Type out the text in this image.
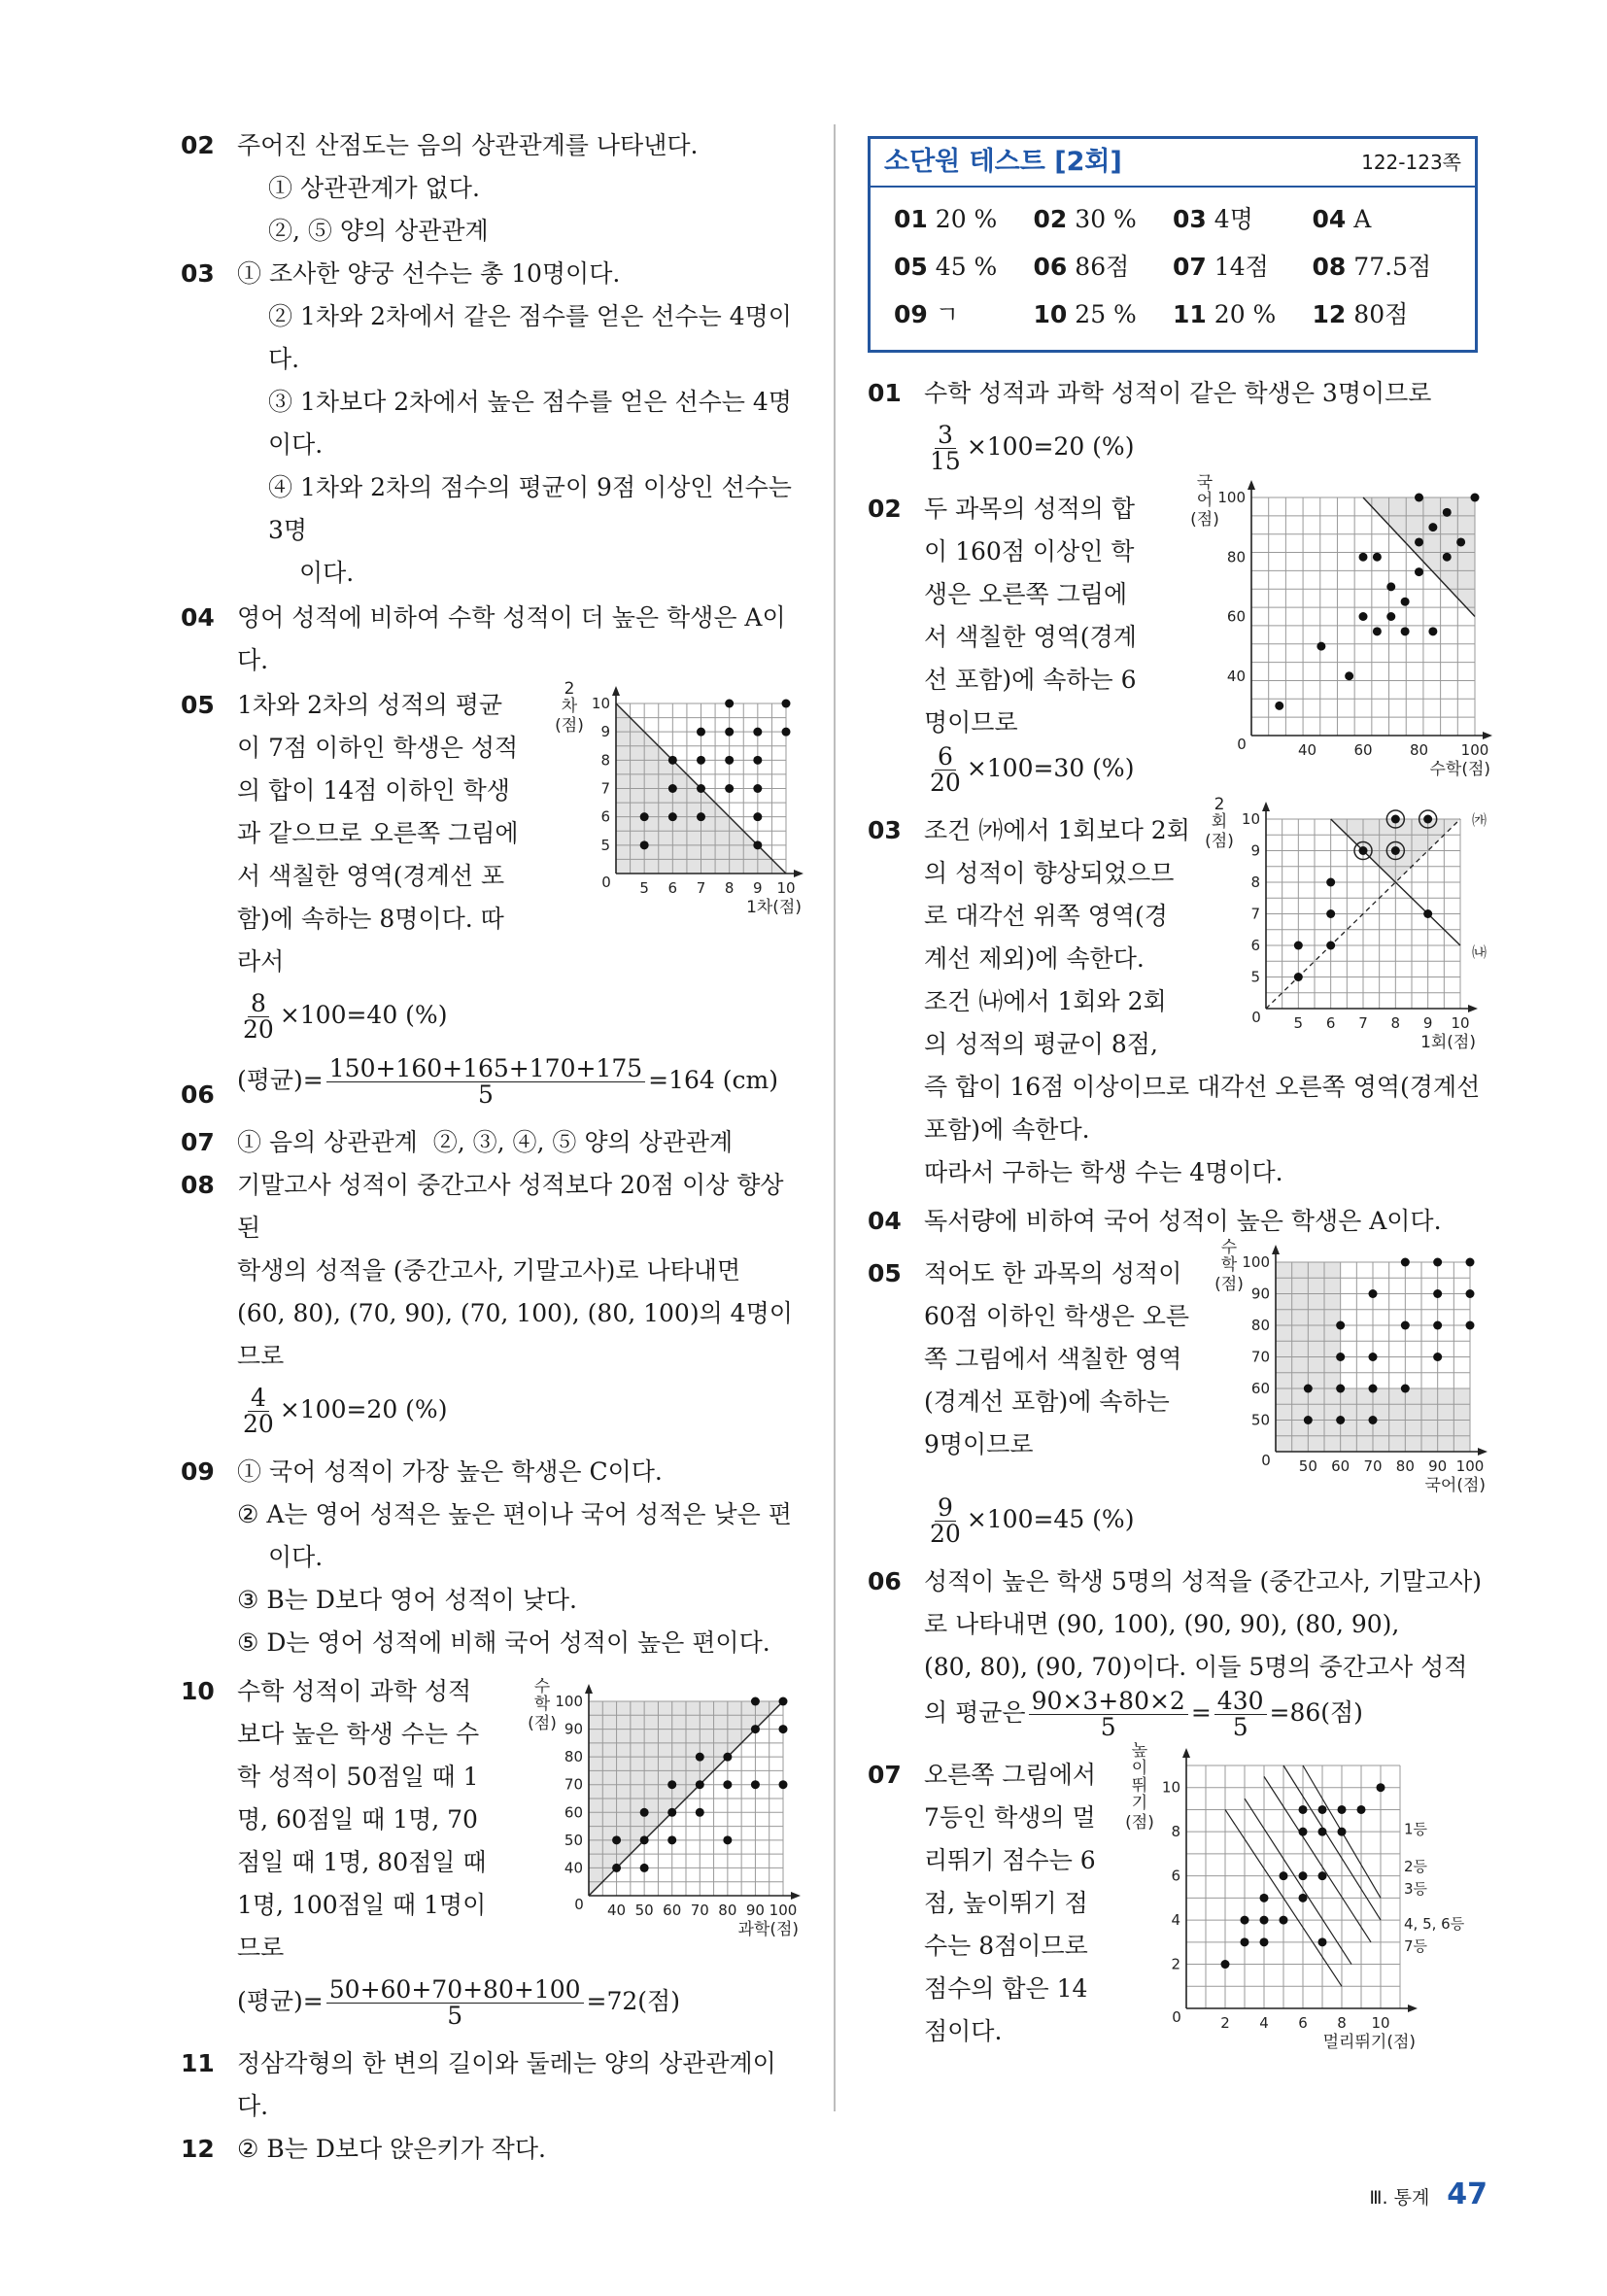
02 주어진 산점도는 음의 상관관계를 나타낸다.
① 상관관계가 없다.
②, ⑤ 양의 상관관계
03 ① 조사한 양궁 선수는 총 10명이다.
② 1차와 2차에서 같은 점수를 얻은 선수는 4명이다.
③ 1차보다 2차에서 높은 점수를 얻은 선수는 4명이다.
④ 1차와 2차의 점수의 평균이 9점 이상인 선수는 3명
이다.
04 영어 성적에 비하여 수학 성적이 더 높은 학생은 A이다.
05 1차와 2차의 성적의 평균
이 7점 이하인 학생은 성적
의 합이 14점 이하인 학생
과 같으므로 오른쪽 그림에
서 색칠한 영역(경계선 포
함)에 속하는 8명이다. 따
라서
0 5 6 7 8 9 10
5
6
7
8
9
10
1차(점)
2
차
(점)
$\frac{8}{20} \times 100=40$ (%)
06
(평균)= $\frac{150+160+165+170+175}{5} =164$ (cm)
07 ① 음의 상관관계  ②, ③, ④, ⑤ 양의 상관관계
08 기말고사 성적이 중간고사 성적보다 20점 이상 향상된
학생의 성적을 (중간고사, 기말고사)로 나타내면
(60, 80), (70, 90), (70, 100), (80, 100)의 4명이
므로
$\frac{4}{20} \times 100=20$ (%)
09 ① 국어 성적이 가장 높은 학생은 C이다.
② A는 영어 성적은 높은 편이나 국어 성적은 낮은 편
이다.
③ B는 D보다 영어 성적이 낮다.
⑤ D는 영어 성적에 비해 국어 성적이 높은 편이다.
10 수학 성적이 과학 성적
보다 높은 학생 수는 수
학 성적이 50점일 때 1
명, 60점일 때 1명, 70
점일 때 1명, 80점일 때
1명, 100점일 때 1명이
므로
0 40 50 60 70 80 90 100
40
50
60
70
80
90
100
과학(점)
수
학
(점)
(평균)= $\frac{50+60+70+80+100}{5} =72$(점)
11 정삼각형의 한 변의 길이와 둘레는 양의 상관관계이다.
12 ② B는 D보다 앉은키가 작다.
소단원 테스트 [2회]	122-123쪽
01 20 %	02 30 %	03 4명	04 A
05 45 %	06 86점	07 14점	08 77.5점
09 ㄱ	10 25 %	11 20 %	12 80점
01 수학 성적과 과학 성적이 같은 학생은 3명이므로
$\frac{3}{15} \times 100=20$ (%)
02 두 과목의 성적의 합
이 160점 이상인 학
생은 오른쪽 그림에
서 색칠한 영역(경계
선 포함)에 속하는 6
명이므로
0	40	60	80 100
40
60
80
100
수학(점)
국
어
(점)
$\frac{6}{20} \times 100=30$ (%)
03 조건 ㈎에서 1회보다 2회
의 성적이 향상되었으므
로 대각선 위쪽 영역(경
계선 제외)에 속한다.
조건 ㈏에서 1회와 2회
의 성적의 평균이 8점,
0
㈎
㈏
5 6 7 8 9 10
5
6
7
8
9
10
1회(점)
2
회
(점)
즉 합이 16점 이상이므로 대각선 오른쪽 영역(경계선
포함)에 속한다.
따라서 구하는 학생 수는 4명이다.
04 독서량에 비하여 국어 성적이 높은 학생은 A이다.
05 적어도 한 과목의 성적이
60점 이하인 학생은 오른
쪽 그림에서 색칠한 영역
(경계선 포함)에 속하는
9명이므로
0 50 60 70 80 90 100
50
60
70
80
90
100
국어(점)
수
학
(점)
$\frac{9}{20} \times 100=45$ (%)
06 성적이 높은 학생 5명의 성적을 (중간고사, 기말고사)
로 나타내면 (90, 100), (90, 90), (80, 90),
(80, 80), (90, 70)이다. 이들 5명의 중간고사 성적
의 평균은 $\frac{90\times 3+80\times 2}{5} = \frac{430}{5} =86$(점)
07 오른쪽 그림에서
7등인 학생의 멀
리뛰기 점수는 6
점, 높이뛰기 점
수는 8점이므로
점수의 합은 14
점이다.	0
1등
2등
3등
4, 5, 6등
7등
2 4 6 8 10
2
4
6
8
10
멀리뛰기(점)
높
이
뛰
기
(점)
Ⅲ. 통계 47
